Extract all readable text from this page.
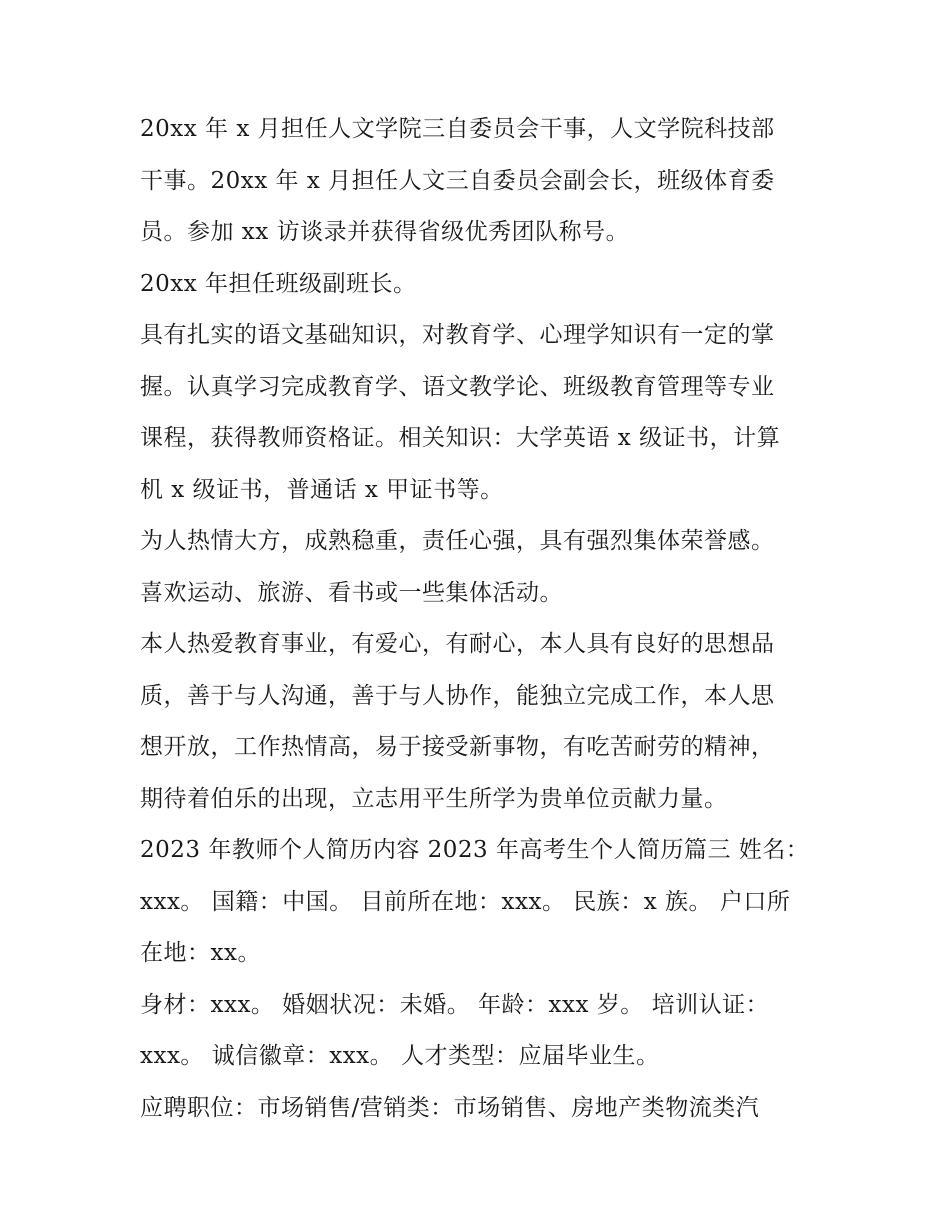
20xx 年 x 月担任人文学院三自委员会干事，人文学院科技部
干事。20xx 年 x 月担任人文三自委员会副会长，班级体育委
员。参加 xx 访谈录并获得省级优秀团队称号。

20xx 年担任班级副班长。

具有扎实的语文基础知识，对教育学、心理学知识有一定的掌
握。认真学习完成教育学、语文教学论、班级教育管理等专业
课程，获得教师资格证。相关知识：大学英语 x 级证书，计算
机 x 级证书，普通话 x 甲证书等。

为人热情大方，成熟稳重，责任心强，具有强烈集体荣誉感。

喜欢运动、旅游、看书或一些集体活动。

本人热爱教育事业，有爱心，有耐心，本人具有良好的思想品
质，善于与人沟通，善于与人协作，能独立完成工作，本人思
想开放，工作热情高，易于接受新事物，有吃苦耐劳的精神，
期待着伯乐的出现，立志用平生所学为贵单位贡献力量。

2023 年教师个人简历内容 2023 年高考生个人简历篇三 姓名：
xxx。 国籍：中国。 目前所在地：xxx。 民族：x 族。 户口所
在地：xx。

身材：xxx。 婚姻状况：未婚。 年龄：xxx 岁。 培训认证：
xxx。 诚信徽章：xxx。 人才类型：应届毕业生。

应聘职位：市场销售/营销类：市场销售、房地产类物流类汽
